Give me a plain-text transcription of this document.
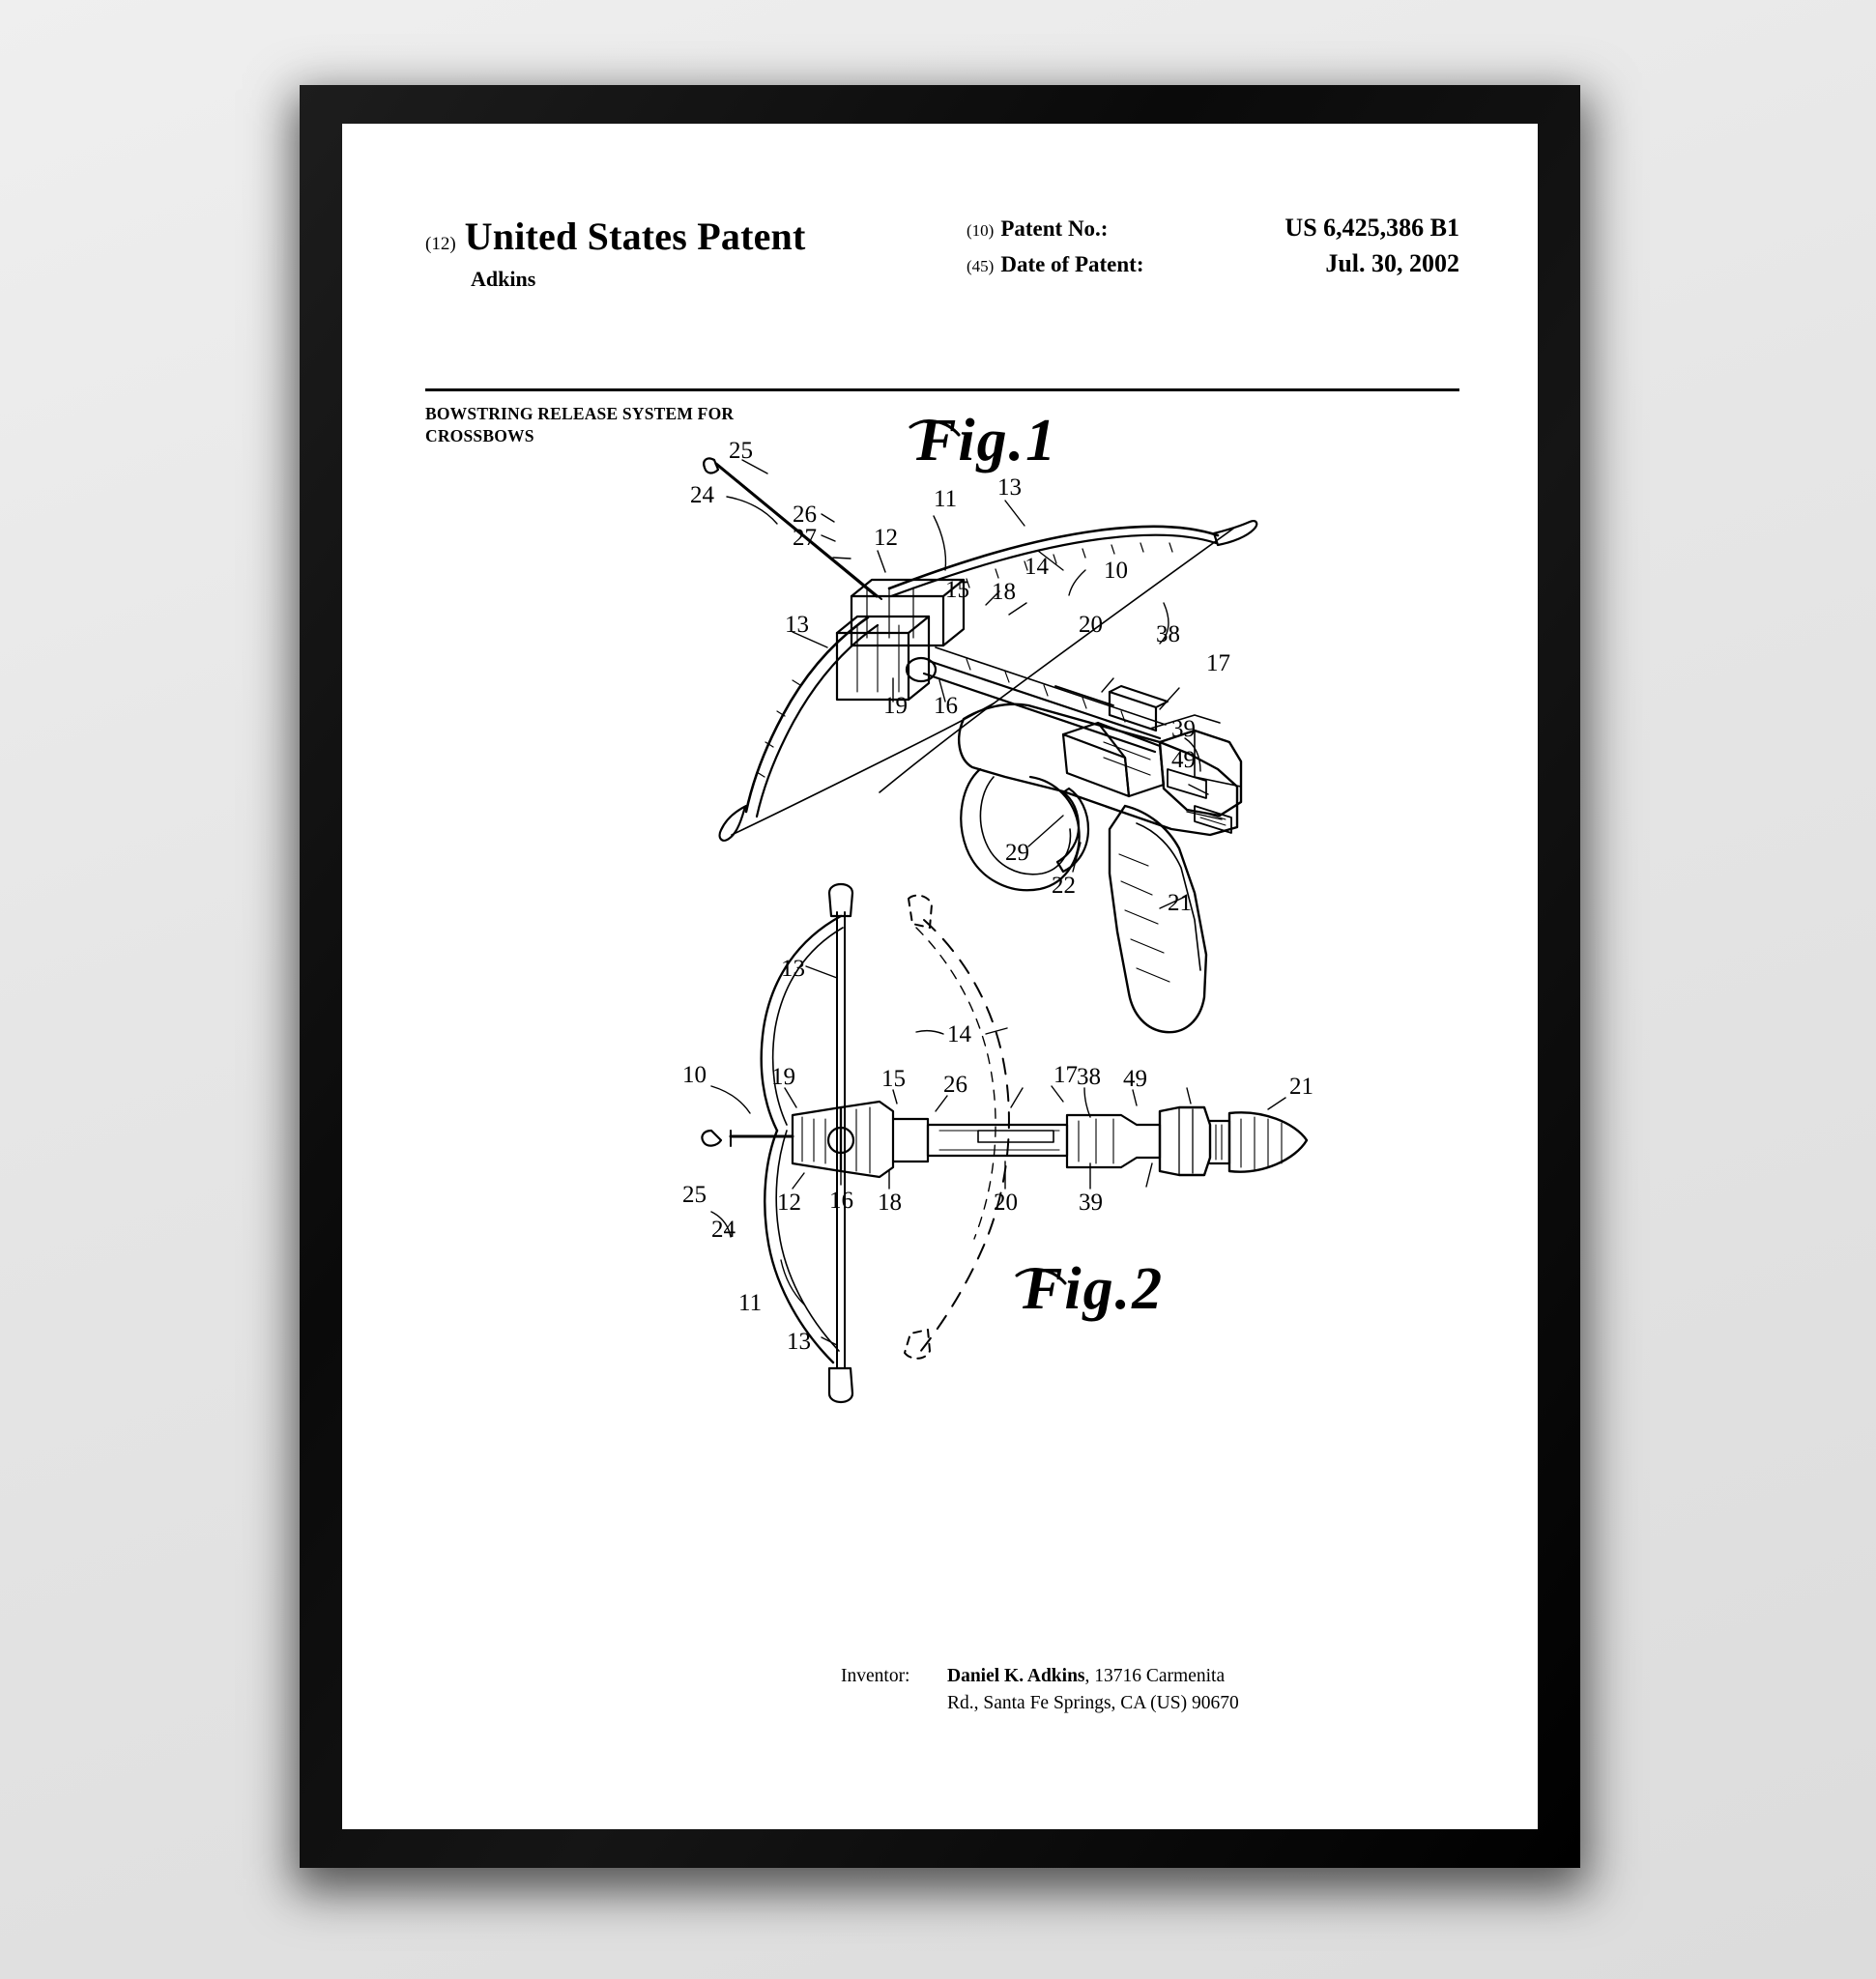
(12) United States Patent
Adkins
(10) Patent No.:	US 6,425,386 B1
(45) Date of Patent:	Jul. 30, 2002
BOWSTRING RELEASE SYSTEM FOR
CROSSBOWS
25
24
26
27
13
12
11 13
14
15 18
10
20 38
17
39
49
19 16
29
22
21
Fig.1
13
14
10	19	15 26	17 38 49	21
25
24
12 16 18	20	39
11
13
Fig.2
Inventor: Daniel K. Adkins, 13716 Carmenita
Rd., Santa Fe Springs, CA (US) 90670
